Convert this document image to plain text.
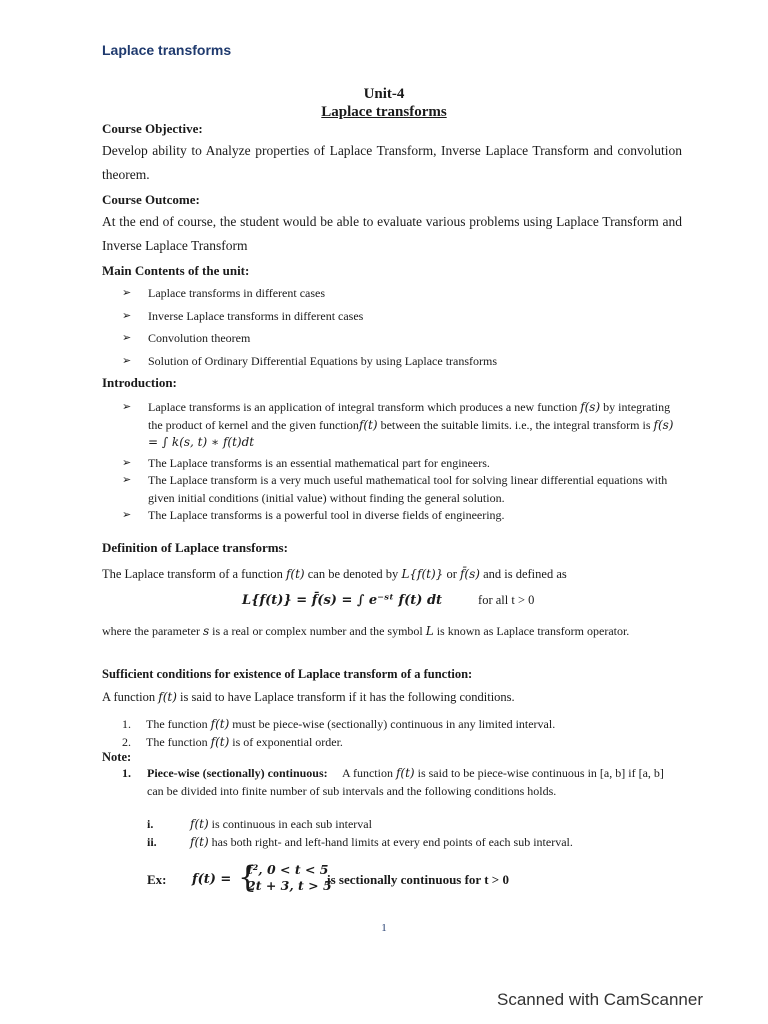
Laplace transforms
Unit-4
Laplace transforms
Course Objective:
Develop ability to Analyze properties of Laplace Transform, Inverse Laplace Transform and convolution theorem.
Course Outcome:
At the end of course, the student would be able to evaluate various problems using Laplace Transform and Inverse Laplace Transform
Main Contents of the unit:
➢ Laplace transforms in different cases
➢ Inverse Laplace transforms in different cases
➢ Convolution theorem
➢ Solution of Ordinary Differential Equations by using Laplace transforms
Introduction:
➢ Laplace transforms is an application of integral transform which produces a new function f(s) by integrating the product of kernel and the given functionf(t) between the suitable limits. i.e., the integral transform is f(s) = ∫ k(s, t) ∗ f(t)dt
➢ The Laplace transforms is an essential mathematical part for engineers.
➢ The Laplace transform is a very much useful mathematical tool for solving linear differential equations with given initial conditions (initial value) without finding the general solution.
➢ The Laplace transforms is a powerful tool in diverse fields of engineering.
Definition of Laplace transforms:
The Laplace transform of a function f(t) can be denoted by L{f(t)} or f̄(s) and is defined as
L{f(t)} = f̄(s) = ∫ e⁻ˢᵗ f(t) dt	for all t > 0
where the parameter s is a real or complex number and the symbol L is known as Laplace transform operator.
Sufficient conditions for existence of Laplace transform of a function:
A function f(t) is said to have Laplace transform if it has the following conditions.
1. The function f(t) must be piece-wise (sectionally) continuous in any limited interval.
2. The function f(t) is of exponential order.
Note:
1.	Piece-wise (sectionally) continuous: A function f(t) is said to be piece-wise continuous in [a, b] if [a, b] can be divided into finite number of sub intervals and the following conditions holds.
i.	f(t) is continuous in each sub interval
ii.	f(t) has both right- and left-hand limits at every end points of each sub interval.
Ex: f(t) = {
t², 0 < t < 5
2t + 3, t > 5
is sectionally continuous for t > 0
1
Scanned with CamScanner
